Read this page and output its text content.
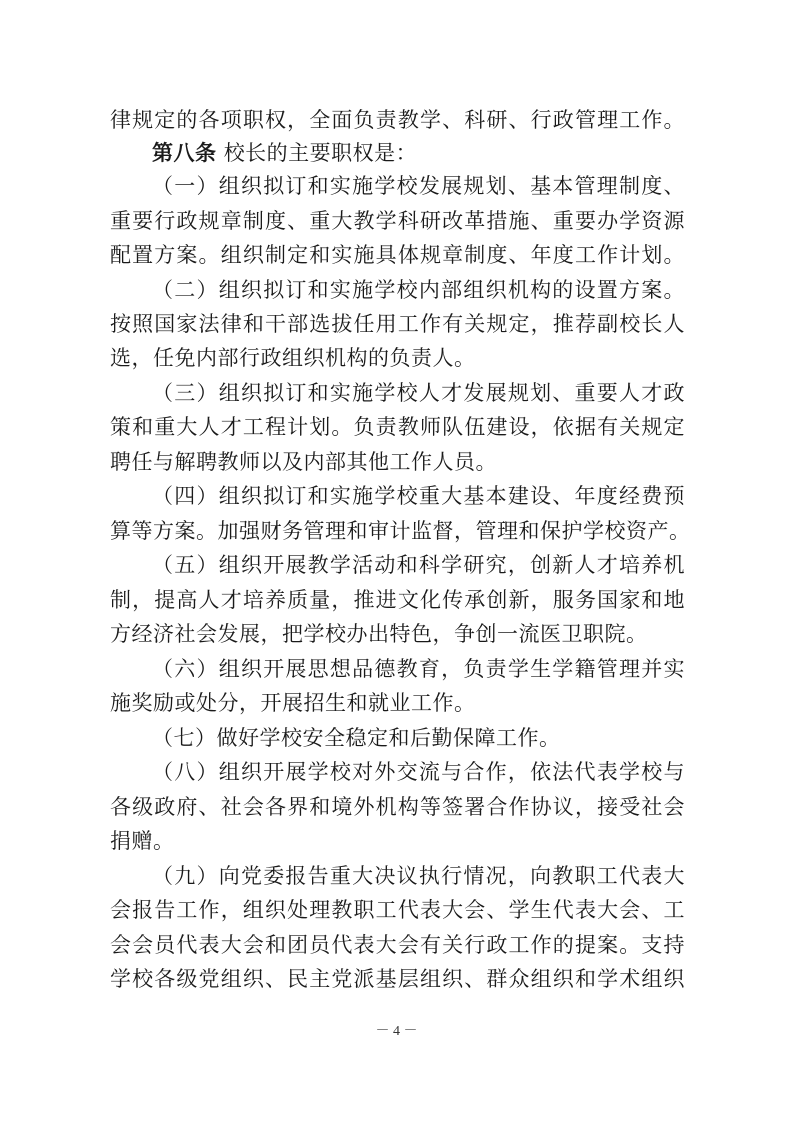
律规定的各项职权，全面负责教学、科研、行政管理工作。
第八条 校长的主要职权是：
（一）组织拟订和实施学校发展规划、基本管理制度、
重要行政规章制度、重大教学科研改革措施、重要办学资源
配置方案。组织制定和实施具体规章制度、年度工作计划。
（二）组织拟订和实施学校内部组织机构的设置方案。
按照国家法律和干部选拔任用工作有关规定，推荐副校长人
选，任免内部行政组织机构的负责人。
（三）组织拟订和实施学校人才发展规划、重要人才政
策和重大人才工程计划。负责教师队伍建设，依据有关规定
聘任与解聘教师以及内部其他工作人员。
（四）组织拟订和实施学校重大基本建设、年度经费预
算等方案。加强财务管理和审计监督，管理和保护学校资产。
（五）组织开展教学活动和科学研究，创新人才培养机
制，提高人才培养质量，推进文化传承创新，服务国家和地
方经济社会发展，把学校办出特色，争创一流医卫职院。
（六）组织开展思想品德教育，负责学生学籍管理并实
施奖励或处分，开展招生和就业工作。
（七）做好学校安全稳定和后勤保障工作。
（八）组织开展学校对外交流与合作，依法代表学校与
各级政府、社会各界和境外机构等签署合作协议，接受社会
捐赠。
（九）向党委报告重大决议执行情况，向教职工代表大
会报告工作，组织处理教职工代表大会、学生代表大会、工
会会员代表大会和团员代表大会有关行政工作的提案。支持
学校各级党组织、民主党派基层组织、群众组织和学术组织
－ 4 －
